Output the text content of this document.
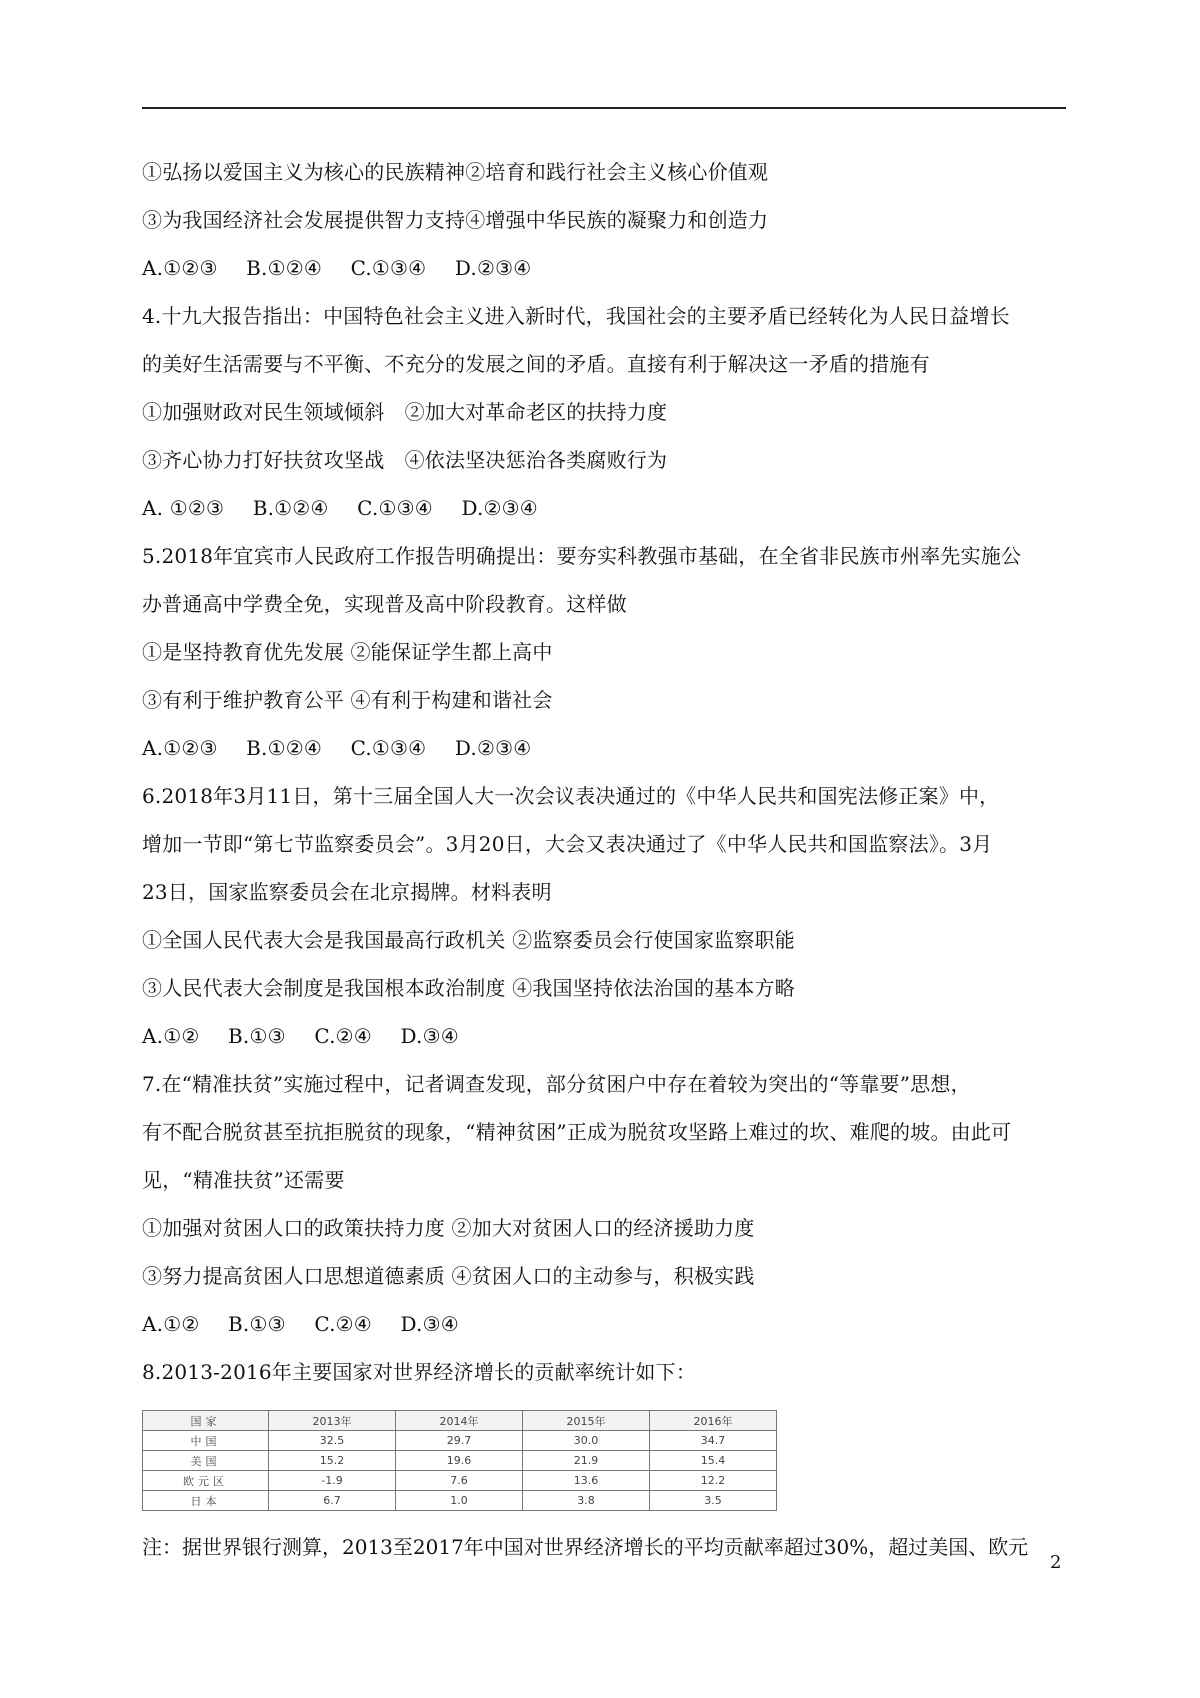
①弘扬以爱国主义为核心的民族精神②培育和践行社会主义核心价值观
③为我国经济社会发展提供智力支持④增强中华民族的凝聚力和创造力
A.①②③ B.①②④ C.①③④ D.②③④
4.十九大报告指出：中国特色社会主义进入新时代，我国社会的主要矛盾已经转化为人民日益增长
的美好生活需要与不平衡、不充分的发展之间的矛盾。直接有利于解决这一矛盾的措施有
①加强财政对民生领域倾斜　②加大对革命老区的扶持力度
③齐心协力打好扶贫攻坚战　④依法坚决惩治各类腐败行为
A. ①②③ B.①②④ C.①③④ D.②③④
5.2018年宜宾市人民政府工作报告明确提出：要夯实科教强市基础，在全省非民族市州率先实施公
办普通高中学费全免，实现普及高中阶段教育。这样做
①是坚持教育优先发展 ②能保证学生都上高中
③有利于维护教育公平 ④有利于构建和谐社会
A.①②③ B.①②④ C.①③④ D.②③④
6.2018年3月11日，第十三届全国人大一次会议表决通过的《中华人民共和国宪法修正案》中，
增加一节即“第七节监察委员会”。3月20日，大会又表决通过了《中华人民共和国监察法》。3月
23日，国家监察委员会在北京揭牌。材料表明
①全国人民代表大会是我国最高行政机关 ②监察委员会行使国家监察职能
③人民代表大会制度是我国根本政治制度 ④我国坚持依法治国的基本方略
A.①② B.①③ C.②④ D.③④
7.在“精准扶贫”实施过程中，记者调查发现，部分贫困户中存在着较为突出的“等靠要”思想，
有不配合脱贫甚至抗拒脱贫的现象，“精神贫困”正成为脱贫攻坚路上难过的坎、难爬的坡。由此可
见，“精准扶贫”还需要
①加强对贫困人口的政策扶持力度 ②加大对贫困人口的经济援助力度
③努力提高贫困人口思想道德素质 ④贫困人口的主动参与，积极实践
A.①② B.①③ C.②④ D.③④
8.2013-2016年主要国家对世界经济增长的贡献率统计如下：
国家	2013年	2014年	2015年	2016年
中国	32.5	29.7	30.0	34.7
美国	15.2	19.6	21.9	15.4
欧元区	-1.9	7.6	13.6	12.2
日本	6.7	1.0	3.8	3.5
注：据世界银行测算，2013至2017年中国对世界经济增长的平均贡献率超过30%，超过美国、欧元
2
